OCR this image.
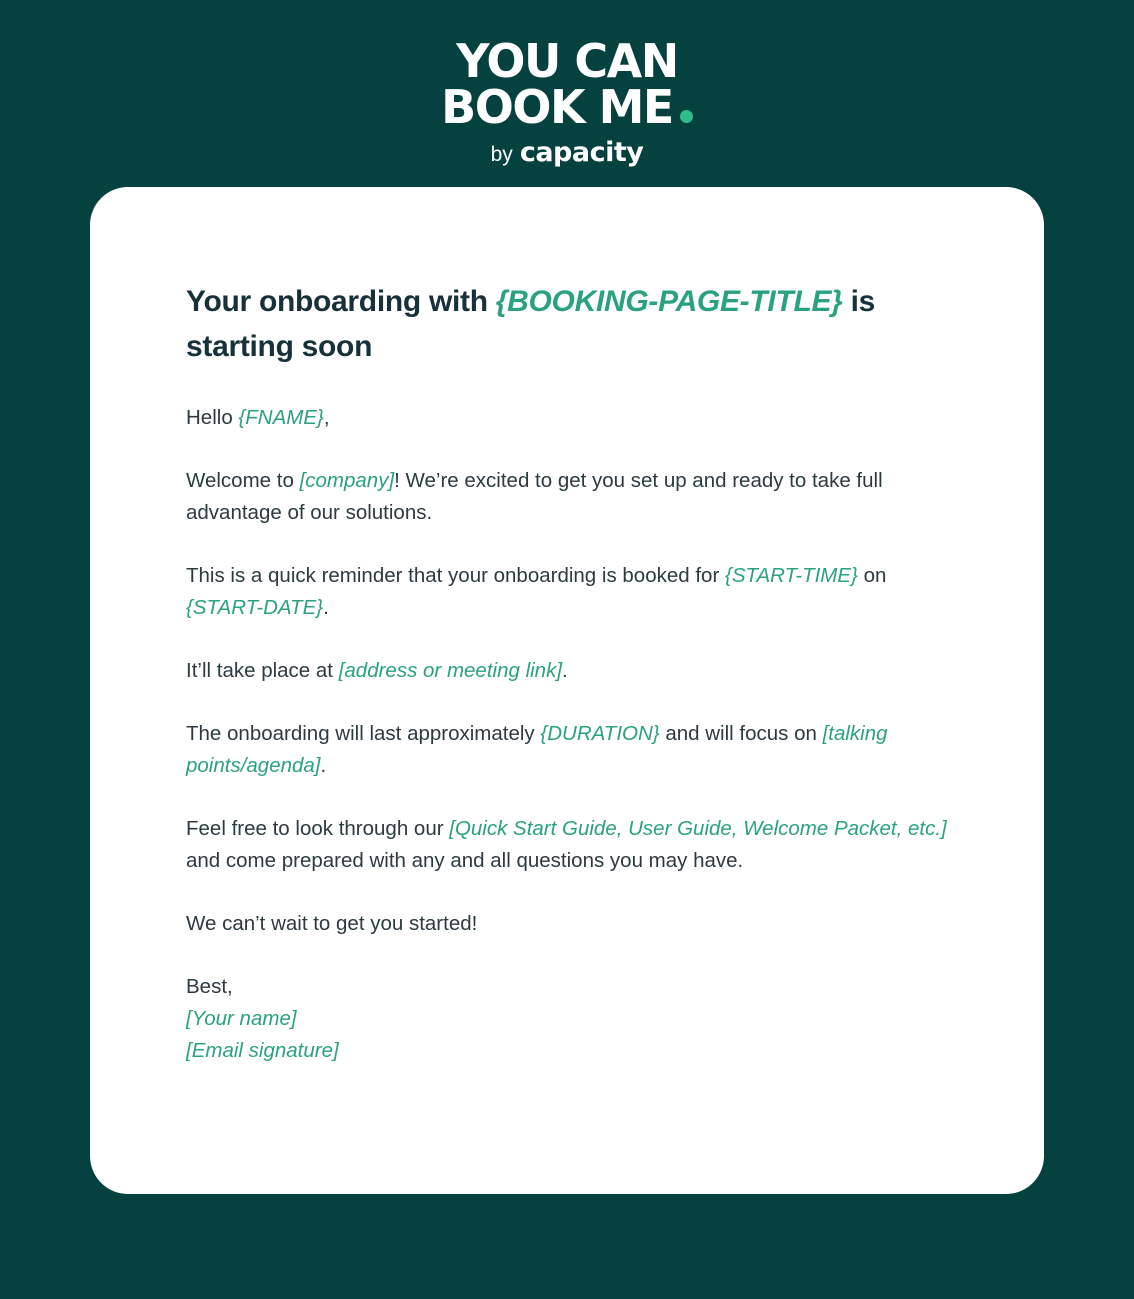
YOU CAN
BOOK ME
by capacity
Your onboarding with {BOOKING-PAGE-TITLE} is starting soon

Hello {FNAME},

Welcome to [company]! We’re excited to get you set up and ready to take full advantage of our solutions.

This is a quick reminder that your onboarding is booked for {START-TIME} on {START-DATE}.

It’ll take place at [address or meeting link].

The onboarding will last approximately {DURATION} and will focus on [talking points/agenda].

Feel free to look through our [Quick Start Guide, User Guide, Welcome Packet, etc.] and come prepared with any and all questions you may have.

We can’t wait to get you started!

Best,

[Your name]
[Email signature]
